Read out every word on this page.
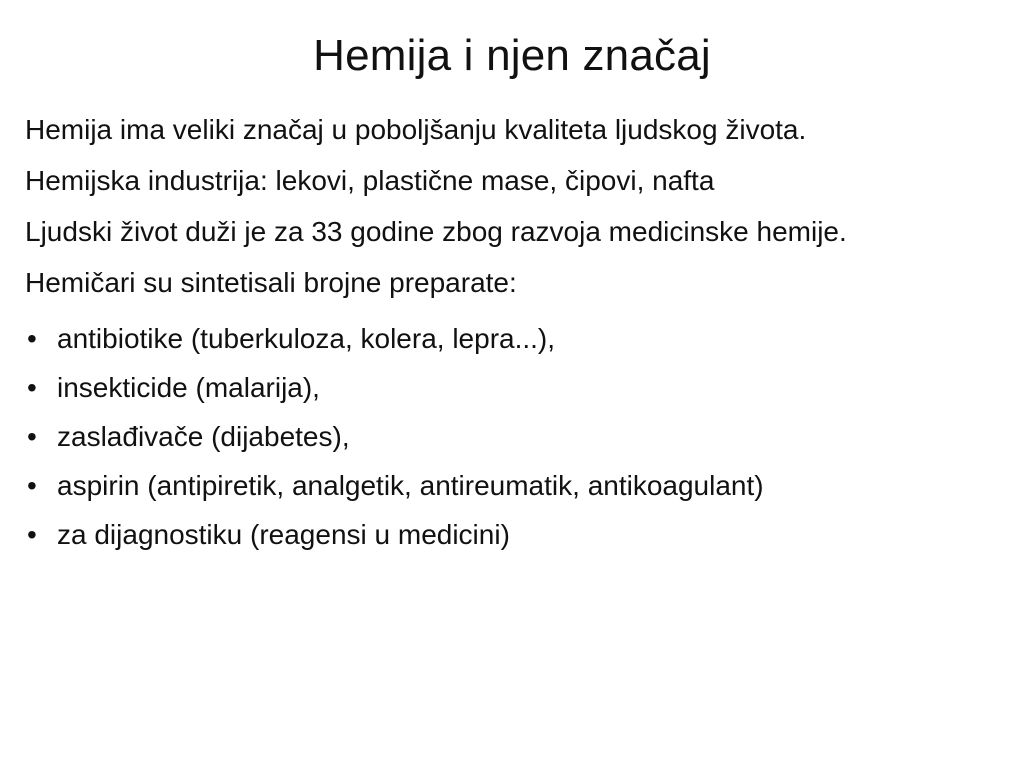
Hemija i njen značaj

Hemija ima veliki značaj u poboljšanju kvaliteta ljudskog života.

Hemijska industrija: lekovi, plastične mase, čipovi, nafta

Ljudski život duži je za 33 godine zbog razvoja medicinske hemije.

Hemičari su sintetisali brojne preparate:

• antibiotike (tuberkuloza, kolera, lepra...),
• insekticide (malarija),
• zaslađivače (dijabetes),
• aspirin (antipiretik, analgetik, antireumatik, antikoagulant)
• za dijagnostiku (reagensi u medicini)
